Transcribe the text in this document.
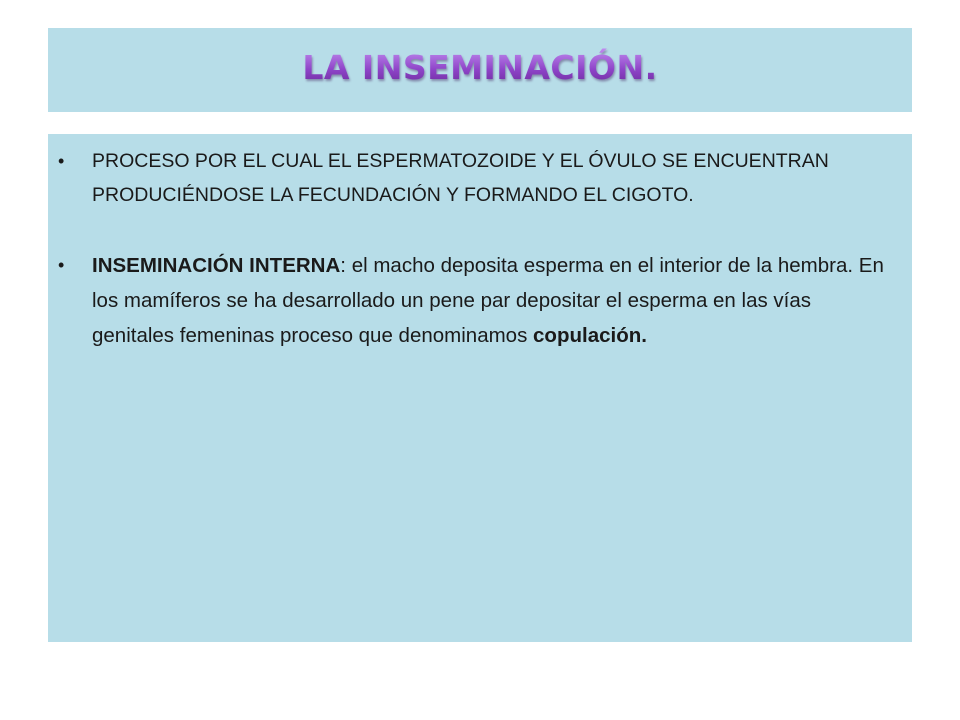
LA INSEMINACIÓN.
• PROCESO POR EL CUAL EL ESPERMATOZOIDE Y EL ÓVULO SE ENCUENTRAN PRODUCIÉNDOSE LA FECUNDACIÓN Y FORMANDO EL CIGOTO.
• INSEMINACIÓN INTERNA: el macho deposita esperma en el interior de la hembra. En los mamíferos se ha desarrollado un pene par depositar el esperma en las vías genitales femeninas proceso que denominamos copulación.
